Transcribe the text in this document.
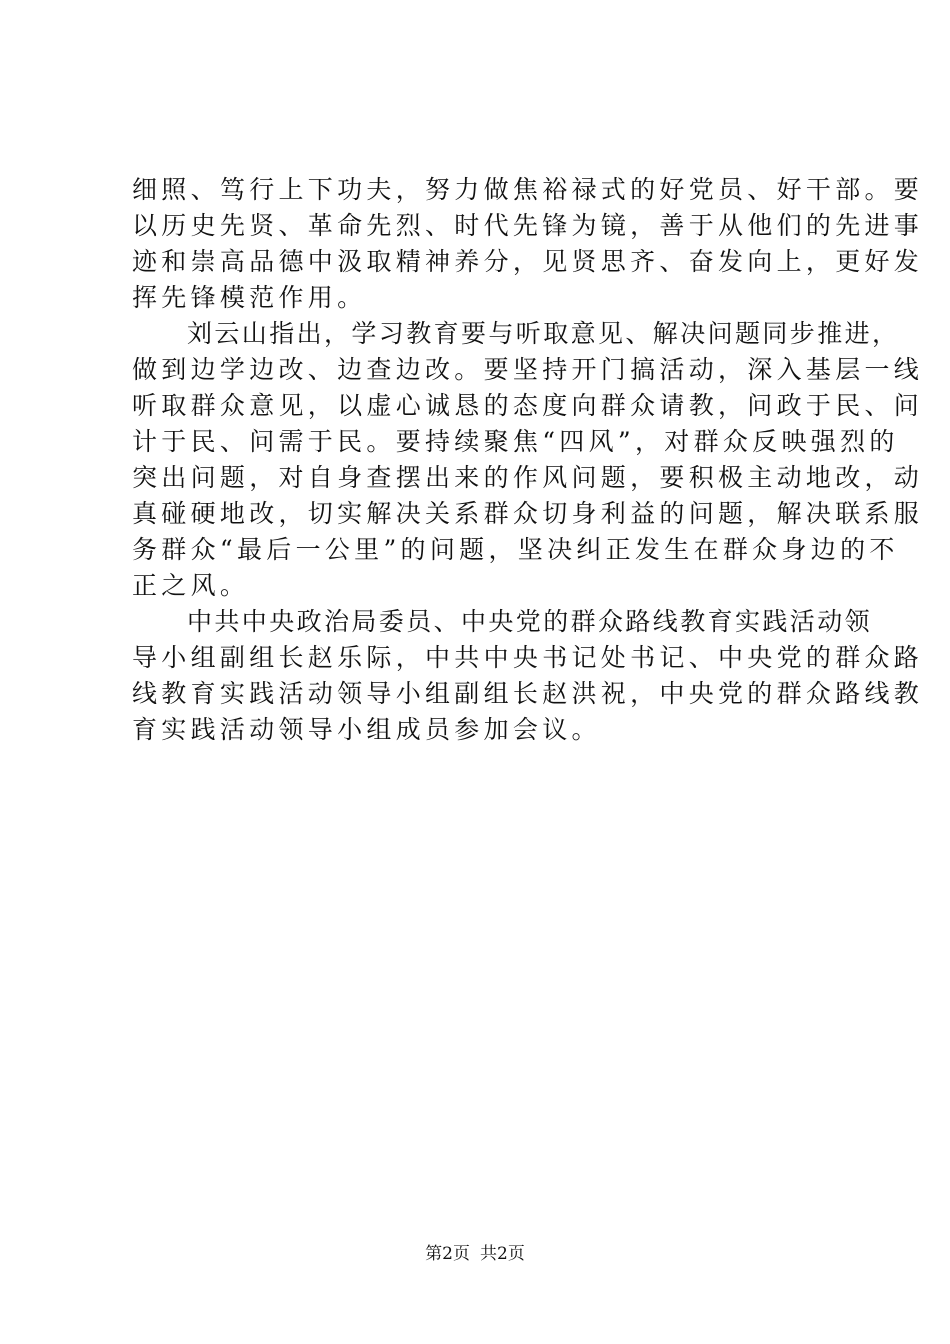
细照、笃行上下功夫，努力做焦裕禄式的好党员、好干部。要
以历史先贤、革命先烈、时代先锋为镜，善于从他们的先进事
迹和崇高品德中汲取精神养分，见贤思齐、奋发向上，更好发
挥先锋模范作用。
刘云山指出，学习教育要与听取意见、解决问题同步推进，
做到边学边改、边查边改。要坚持开门搞活动，深入基层一线
听取群众意见，以虚心诚恳的态度向群众请教，问政于民、问
计于民、问需于民。要持续聚焦“四风”，对群众反映强烈的
突出问题，对自身查摆出来的作风问题，要积极主动地改，动
真碰硬地改，切实解决关系群众切身利益的问题，解决联系服
务群众“最后一公里”的问题，坚决纠正发生在群众身边的不
正之风。
中共中央政治局委员、中央党的群众路线教育实践活动领
导小组副组长赵乐际，中共中央书记处书记、中央党的群众路
线教育实践活动领导小组副组长赵洪祝，中央党的群众路线教
育实践活动领导小组成员参加会议。
第2页 共2页
